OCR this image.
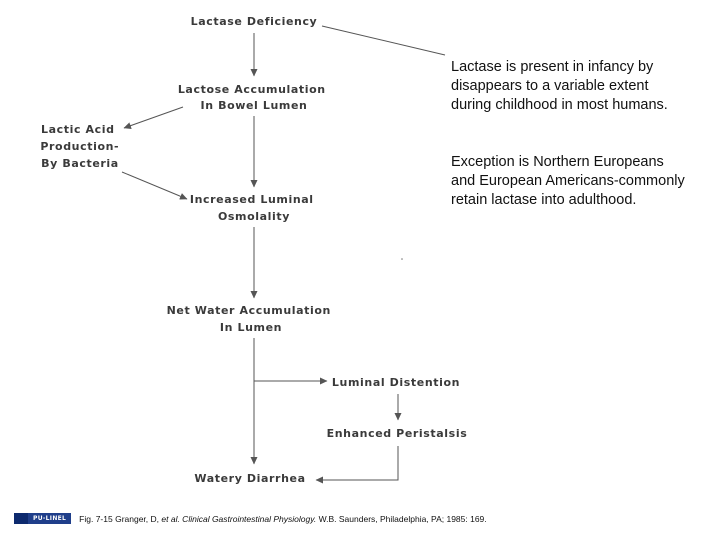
Lactase Deficiency
Lactose Accumulation In Bowel Lumen
Lactic Acid Production- By Bacteria
Increased Luminal Osmolality
Net Water Accumulation In Lumen
Luminal Distention
Enhanced Peristalsis
Watery Diarrhea
Lactase is present in infancy by disappears to a variable extent during childhood in most humans.
Exception is Northern Europeans and European Americans-commonly retain lactase into adulthood.
PU-LINEL	Fig. 7-15 Granger, D,
et al. Clinical Gastrointestinal Physiology.
W.B. Saunders, Philadelphia, PA; 1985: 169.
